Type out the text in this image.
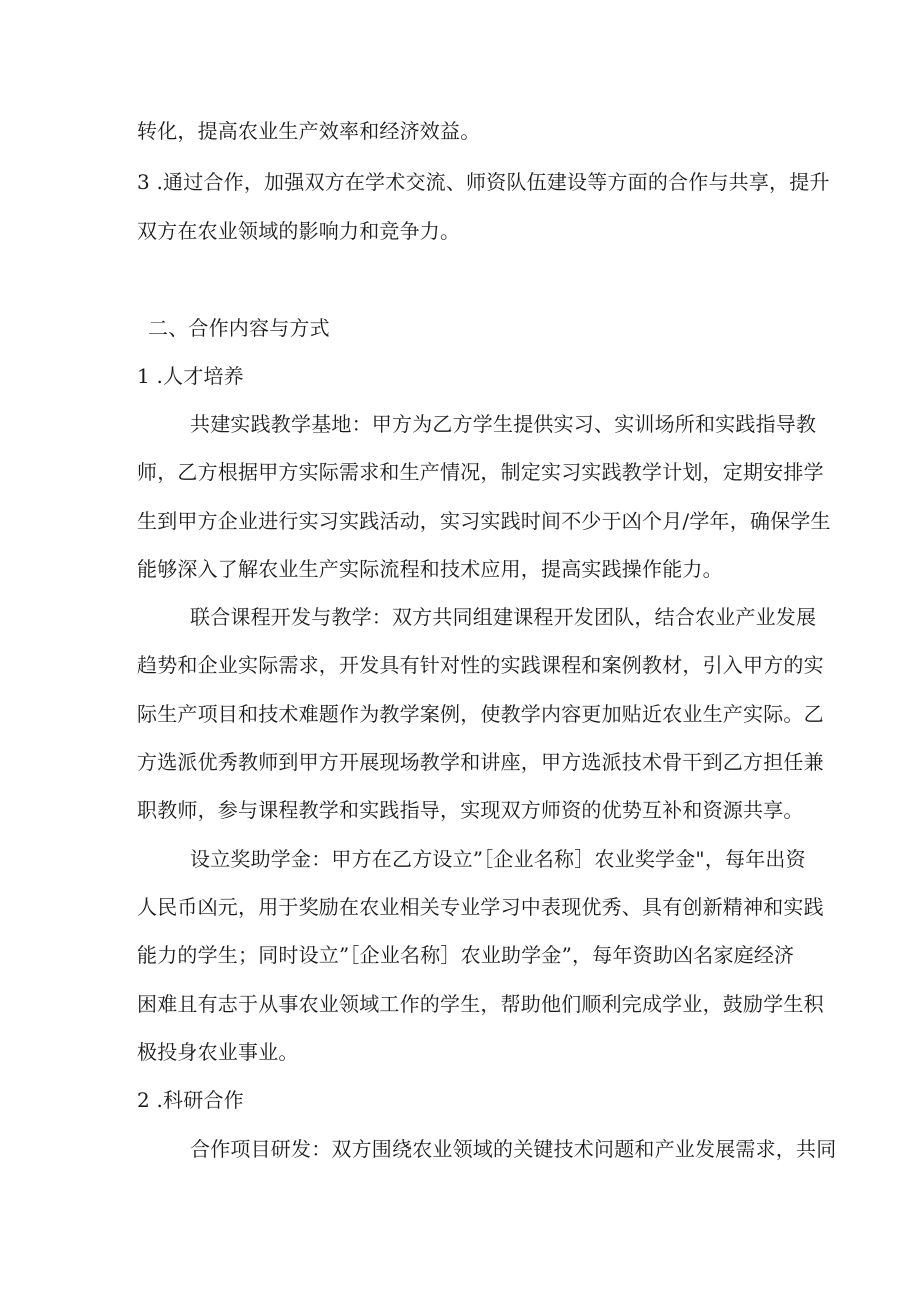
转化，提高农业生产效率和经济效益。
3 .通过合作，加强双方在学术交流、师资队伍建设等方面的合作与共享，提升
双方在农业领域的影响力和竞争力。
二、合作内容与方式
1 .人才培养
共建实践教学基地：甲方为乙方学生提供实习、实训场所和实践指导教
师，乙方根据甲方实际需求和生产情况，制定实习实践教学计划，定期安排学
生到甲方企业进行实习实践活动，实习实践时间不少于凶个月/学年，确保学生
能够深入了解农业生产实际流程和技术应用，提高实践操作能力。
联合课程开发与教学：双方共同组建课程开发团队，结合农业产业发展
趋势和企业实际需求，开发具有针对性的实践课程和案例教材，引入甲方的实
际生产项目和技术难题作为教学案例，使教学内容更加贴近农业生产实际。乙
方选派优秀教师到甲方开展现场教学和讲座，甲方选派技术骨干到乙方担任兼
职教师，参与课程教学和实践指导，实现双方师资的优势互补和资源共享。
设立奖助学金：甲方在乙方设立”［企业名称］农业奖学金"，每年出资
人民币凶元，用于奖励在农业相关专业学习中表现优秀、具有创新精神和实践
能力的学生；同时设立”［企业名称］农业助学金”，每年资助凶名家庭经济
困难且有志于从事农业领域工作的学生，帮助他们顺利完成学业，鼓励学生积
极投身农业事业。
2 .科研合作
合作项目研发：双方围绕农业领域的关键技术问题和产业发展需求，共同
